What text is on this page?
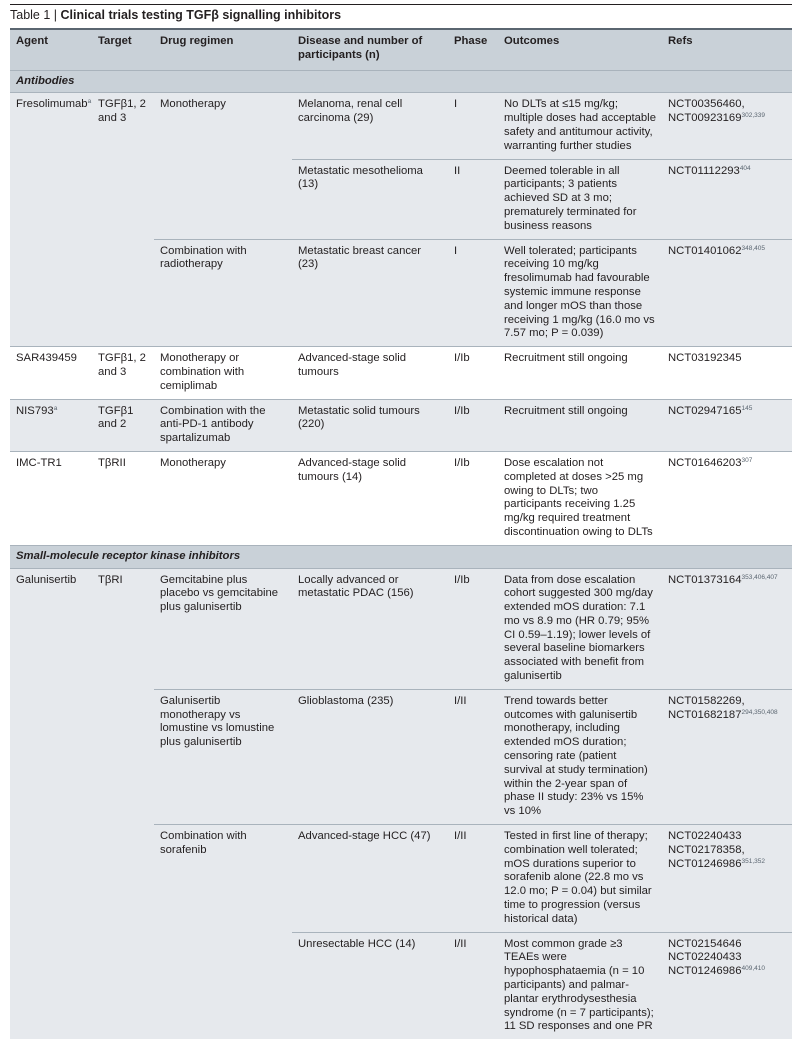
Table 1 | Clinical trials testing TGFβ signalling inhibitors
Agent	Target	Drug regimen	Disease and number of participants (n)	Phase	Outcomes	Refs
Antibodies						
Fresolimumab$^a$	TGFβ1, 2 and 3	Monotherapy	Melanoma, renal cell carcinoma (29)	I	No DLTs at ≤15 mg/kg; multiple doses had acceptable safety and antitumour activity, warranting further studies	NCT00356460, NCT00923169$^{302,339}$
			Metastatic mesothelioma (13)	II	Deemed tolerable in all participants; 3 patients achieved SD at 3 mo; prematurely terminated for business reasons	NCT01112293$^{404}$
		Combination with radiotherapy	Metastatic breast cancer (23)	I	Well tolerated; participants receiving 10 mg/kg fresolimumab had favourable systemic immune response and longer mOS than those receiving 1 mg/kg (16.0 mo vs 7.57 mo; P = 0.039)	NCT01401062$^{348,405}$
SAR439459	TGFβ1, 2 and 3	Monotherapy or combination with cemiplimab	Advanced-stage solid tumours	I/Ib	Recruitment still ongoing	NCT03192345
NIS793$^a$	TGFβ1 and 2	Combination with the anti-PD-1 antibody spartalizumab	Metastatic solid tumours (220)	I/Ib	Recruitment still ongoing	NCT02947165$^{145}$
IMC-TR1	TβRII	Monotherapy	Advanced-stage solid tumours (14)	I/Ib	Dose escalation not completed at doses >25 mg owing to DLTs; two participants receiving 1.25 mg/kg required treatment discontinuation owing to DLTs	NCT01646203$^{307}$
Small-molecule receptor kinase inhibitors						
Galunisertib	TβRI	Gemcitabine plus placebo vs gemcitabine plus galunisertib	Locally advanced or metastatic PDAC (156)	I/Ib	Data from dose escalation cohort suggested 300 mg/day extended mOS duration: 7.1 mo vs 8.9 mo (HR 0.79; 95% CI 0.59–1.19); lower levels of several baseline biomarkers associated with benefit from galunisertib	NCT01373164$^{353,406,407}$
		Galunisertib monotherapy vs lomustine vs lomustine plus galunisertib	Glioblastoma (235)	I/II	Trend towards better outcomes with galunisertib monotherapy, including extended mOS duration; censoring rate (patient survival at study termination) within the 2-year span of phase II study: 23% vs 15% vs 10%	NCT01582269, NCT01682187$^{294,350,408}$
		Combination with sorafenib	Advanced-stage HCC (47)	I/II	Tested in first line of therapy; combination well tolerated; mOS durations superior to sorafenib alone (22.8 mo vs 12.0 mo; P = 0.04) but similar time to progression (versus historical data)	NCT02240433 NCT02178358, NCT01246986$^{351,352}$
			Unresectable HCC (14)	I/II	Most common grade ≥3 TEAEs were hypophosphataemia (n = 10 participants) and palmar-plantar erythrodysesthesia syndrome (n = 7 participants); 11 SD responses and one PR	NCT02154646 NCT02240433 NCT01246986$^{409,410}$
